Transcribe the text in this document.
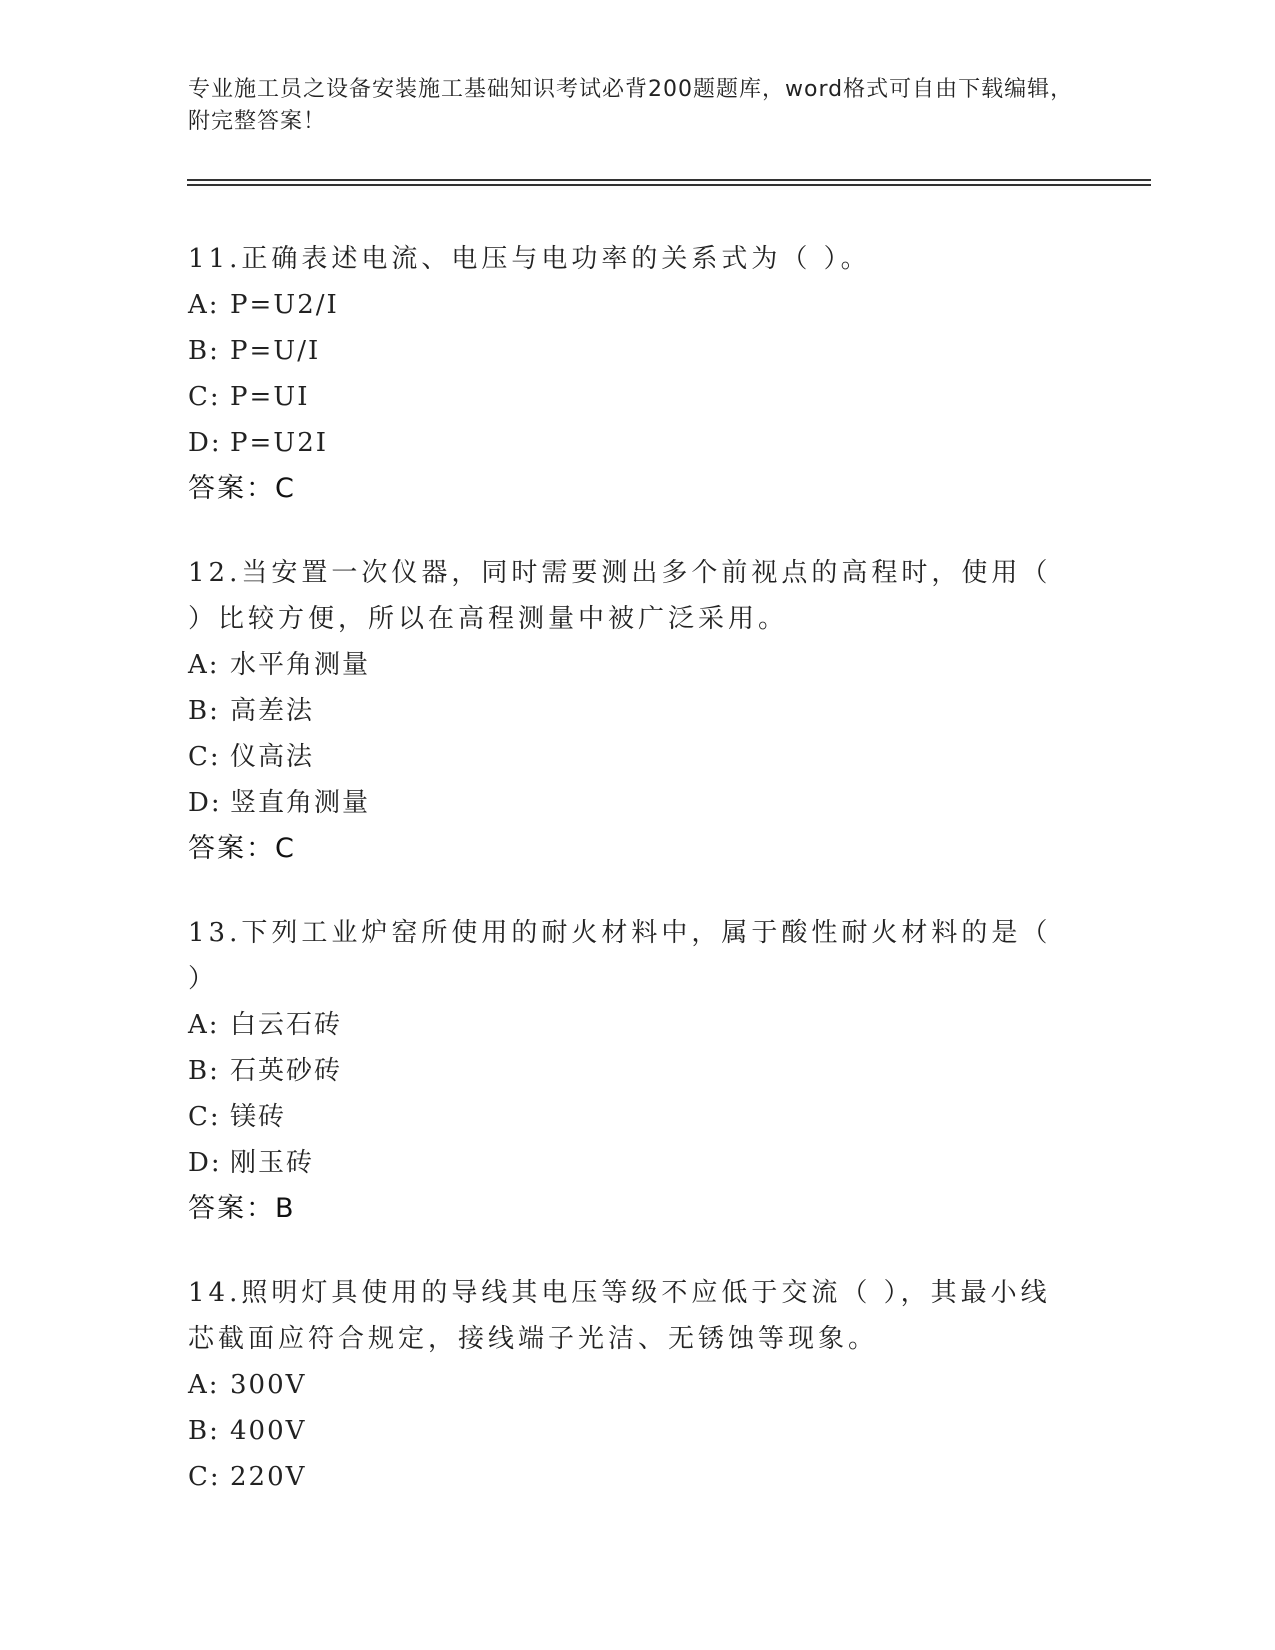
专业施工员之设备安装施工基础知识考试必背200题题库，word格式可自由下载编辑，附完整答案！
11.正确表述电流、电压与电功率的关系式为（ ）。
A: P=U2/I
B: P=U/I
C: P=UI
D: P=U2I
答案：C
12.当安置一次仪器，同时需要测出多个前视点的高程时，使用（ ）比较方便，所以在高程测量中被广泛采用。
A: 水平角测量
B: 高差法
C: 仪高法
D: 竖直角测量
答案：C
13.下列工业炉窑所使用的耐火材料中，属于酸性耐火材料的是（ ）
A: 白云石砖
B: 石英砂砖
C: 镁砖
D: 刚玉砖
答案：B
14.照明灯具使用的导线其电压等级不应低于交流（ ），其最小线芯截面应符合规定，接线端子光洁、无锈蚀等现象。
A: 300V
B: 400V
C: 220V
